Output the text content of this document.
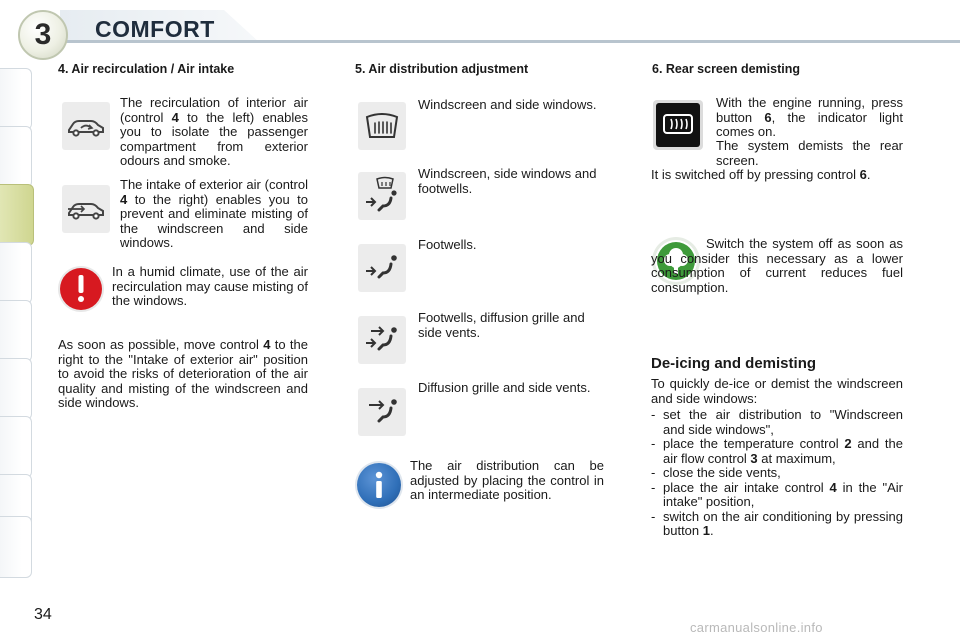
3 COMFORT
4. Air recirculation / Air intake
The recirculation of interior air (control 4 to the left) enables you to isolate the passenger compartment from exterior odours and smoke.
The intake of exterior air (control 4 to the right) enables you to prevent and eliminate misting of the windscreen and side windows.
In a humid climate, use of the air recirculation may cause misting of the windows.
As soon as possible, move control 4 to the right to the "Intake of exterior air" position to avoid the risks of deterioration of the air quality and misting of the windscreen and side windows.
5. Air distribution adjustment
Windscreen and side windows.
Windscreen, side windows and footwells.
Footwells.
Footwells, diffusion grille and side vents.
Diffusion grille and side vents.
The air distribution can be adjusted by placing the control in an intermediate position.
6. Rear screen demisting
With the engine running, press button 6, the indicator light comes on.
The system demists the rear screen.
It is switched off by pressing control 6.
Switch the system off as soon as you consider this necessary as a lower consumption of current reduces fuel consumption.
De-icing and demisting
To quickly de-ice or demist the windscreen and side windows:
- set the air distribution to "Windscreen and side windows",
- place the temperature control 2 and the air flow control 3 at maximum,
- close the side vents,
- place the air intake control 4 in the "Air intake" position,
- switch on the air conditioning by pressing button 1.
34
carmanualsonline.info
